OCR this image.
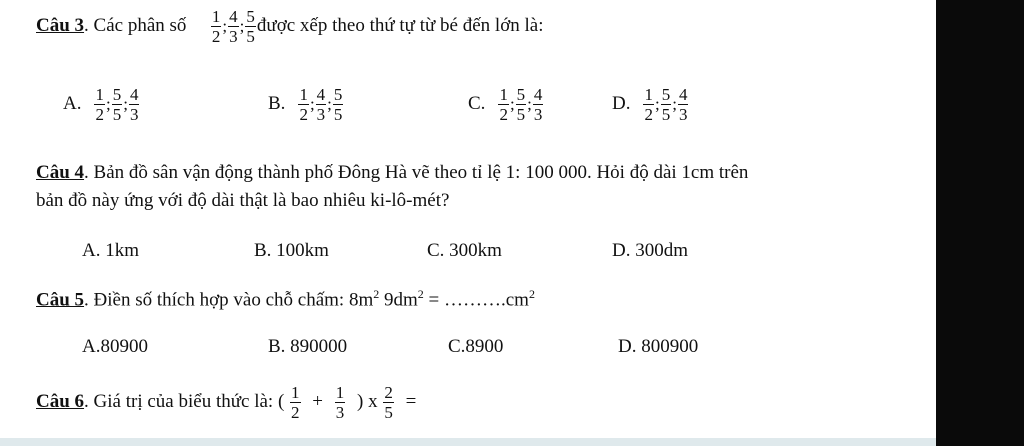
Câu 3. Các phân số $\frac{1}{2}$ ; $\frac{4}{3}$ ; $\frac{5}{5}$ được xếp theo thứ tự từ bé đến lớn là:
A. $\frac{1}{2}$ ; $\frac{5}{5}$ ; $\frac{4}{3}$	B. $\frac{1}{2}$ ; $\frac{4}{3}$ ; $\frac{5}{5}$	C. $\frac{1}{2}$ ; $\frac{5}{5}$ ; $\frac{4}{3}$	D. $\frac{1}{2}$ ; $\frac{5}{5}$ ; $\frac{4}{3}$
Câu 4. Bản đồ sân vận động thành phố Đông Hà vẽ theo tỉ lệ 1: 100 000. Hỏi độ dài 1cm trên
bản đồ này ứng với độ dài thật là bao nhiêu ki-lô-mét?
A. 1km	B. 100km	C. 300km	D. 300dm
Câu 5. Điền số thích hợp vào chỗ chấm: $8m^2$ $9dm^2$ = $\dots\dots\dots.cm^2$
A.80900	B. 890000	C.8900	D. 800900
Câu 6. Giá trị của biểu thức là: ( $\frac{1}{2} + \frac{1}{3}$ ) x $\frac{2}{5}$ =
